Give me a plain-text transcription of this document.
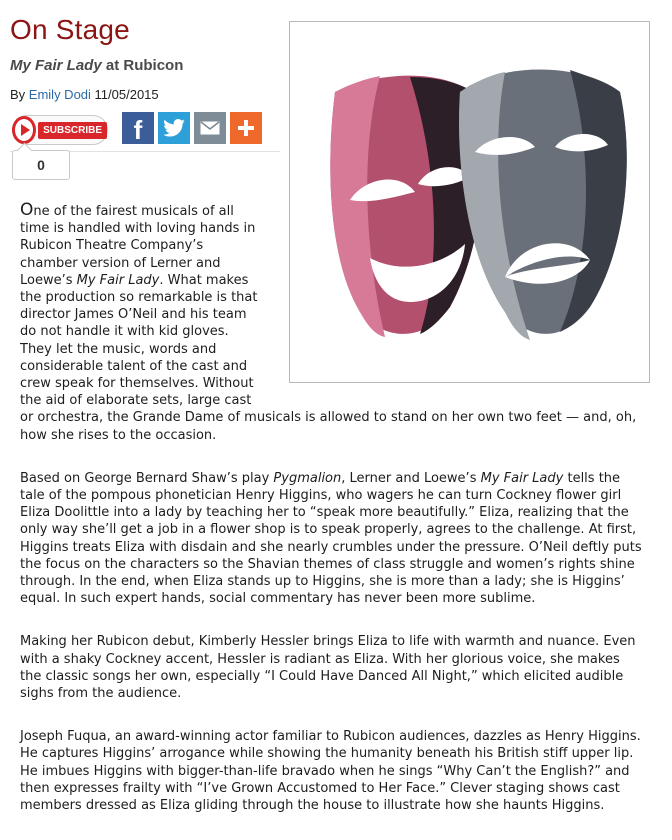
On Stage
My Fair Lady at Rubicon
By Emily Dodi 11/05/2015
SUBSCRIBE f
0
One of the fairest musicals of all
time is handled with loving hands in
Rubicon Theatre Company’s
chamber version of Lerner and
Loewe’s My Fair Lady. What makes
the production so remarkable is that
director James O’Neil and his team
do not handle it with kid gloves.
They let the music, words and
considerable talent of the cast and
crew speak for themselves. Without
the aid of elaborate sets, large cast

or orchestra, the Grande Dame of musicals is allowed to stand on her own two feet — and, oh, how she rises to the occasion.

Based on George Bernard Shaw’s play Pygmalion, Lerner and Loewe’s My Fair Lady tells the tale of the pompous phonetician Henry Higgins, who wagers he can turn Cockney flower girl Eliza Doolittle into a lady by teaching her to “speak more beautifully.” Eliza, realizing that the only way she’ll get a job in a flower shop is to speak properly, agrees to the challenge. At first, Higgins treats Eliza with disdain and she nearly crumbles under the pressure. O’Neil deftly puts the focus on the characters so the Shavian themes of class struggle and women’s rights shine through. In the end, when Eliza stands up to Higgins, she is more than a lady; she is Higgins’ equal. In such expert hands, social commentary has never been more sublime.

Making her Rubicon debut, Kimberly Hessler brings Eliza to life with warmth and nuance. Even with a shaky Cockney accent, Hessler is radiant as Eliza. With her glorious voice, she makes the classic songs her own, especially “I Could Have Danced All Night,” which elicited audible sighs from the audience.

Joseph Fuqua, an award-winning actor familiar to Rubicon audiences, dazzles as Henry Higgins. He captures Higgins’ arrogance while showing the humanity beneath his British stiff upper lip. He imbues Higgins with bigger-than-life bravado when he sings “Why Can’t the English?” and then expresses frailty with “I’ve Grown Accustomed to Her Face.” Clever staging shows cast members dressed as Eliza gliding through the house to illustrate how she haunts Higgins.
